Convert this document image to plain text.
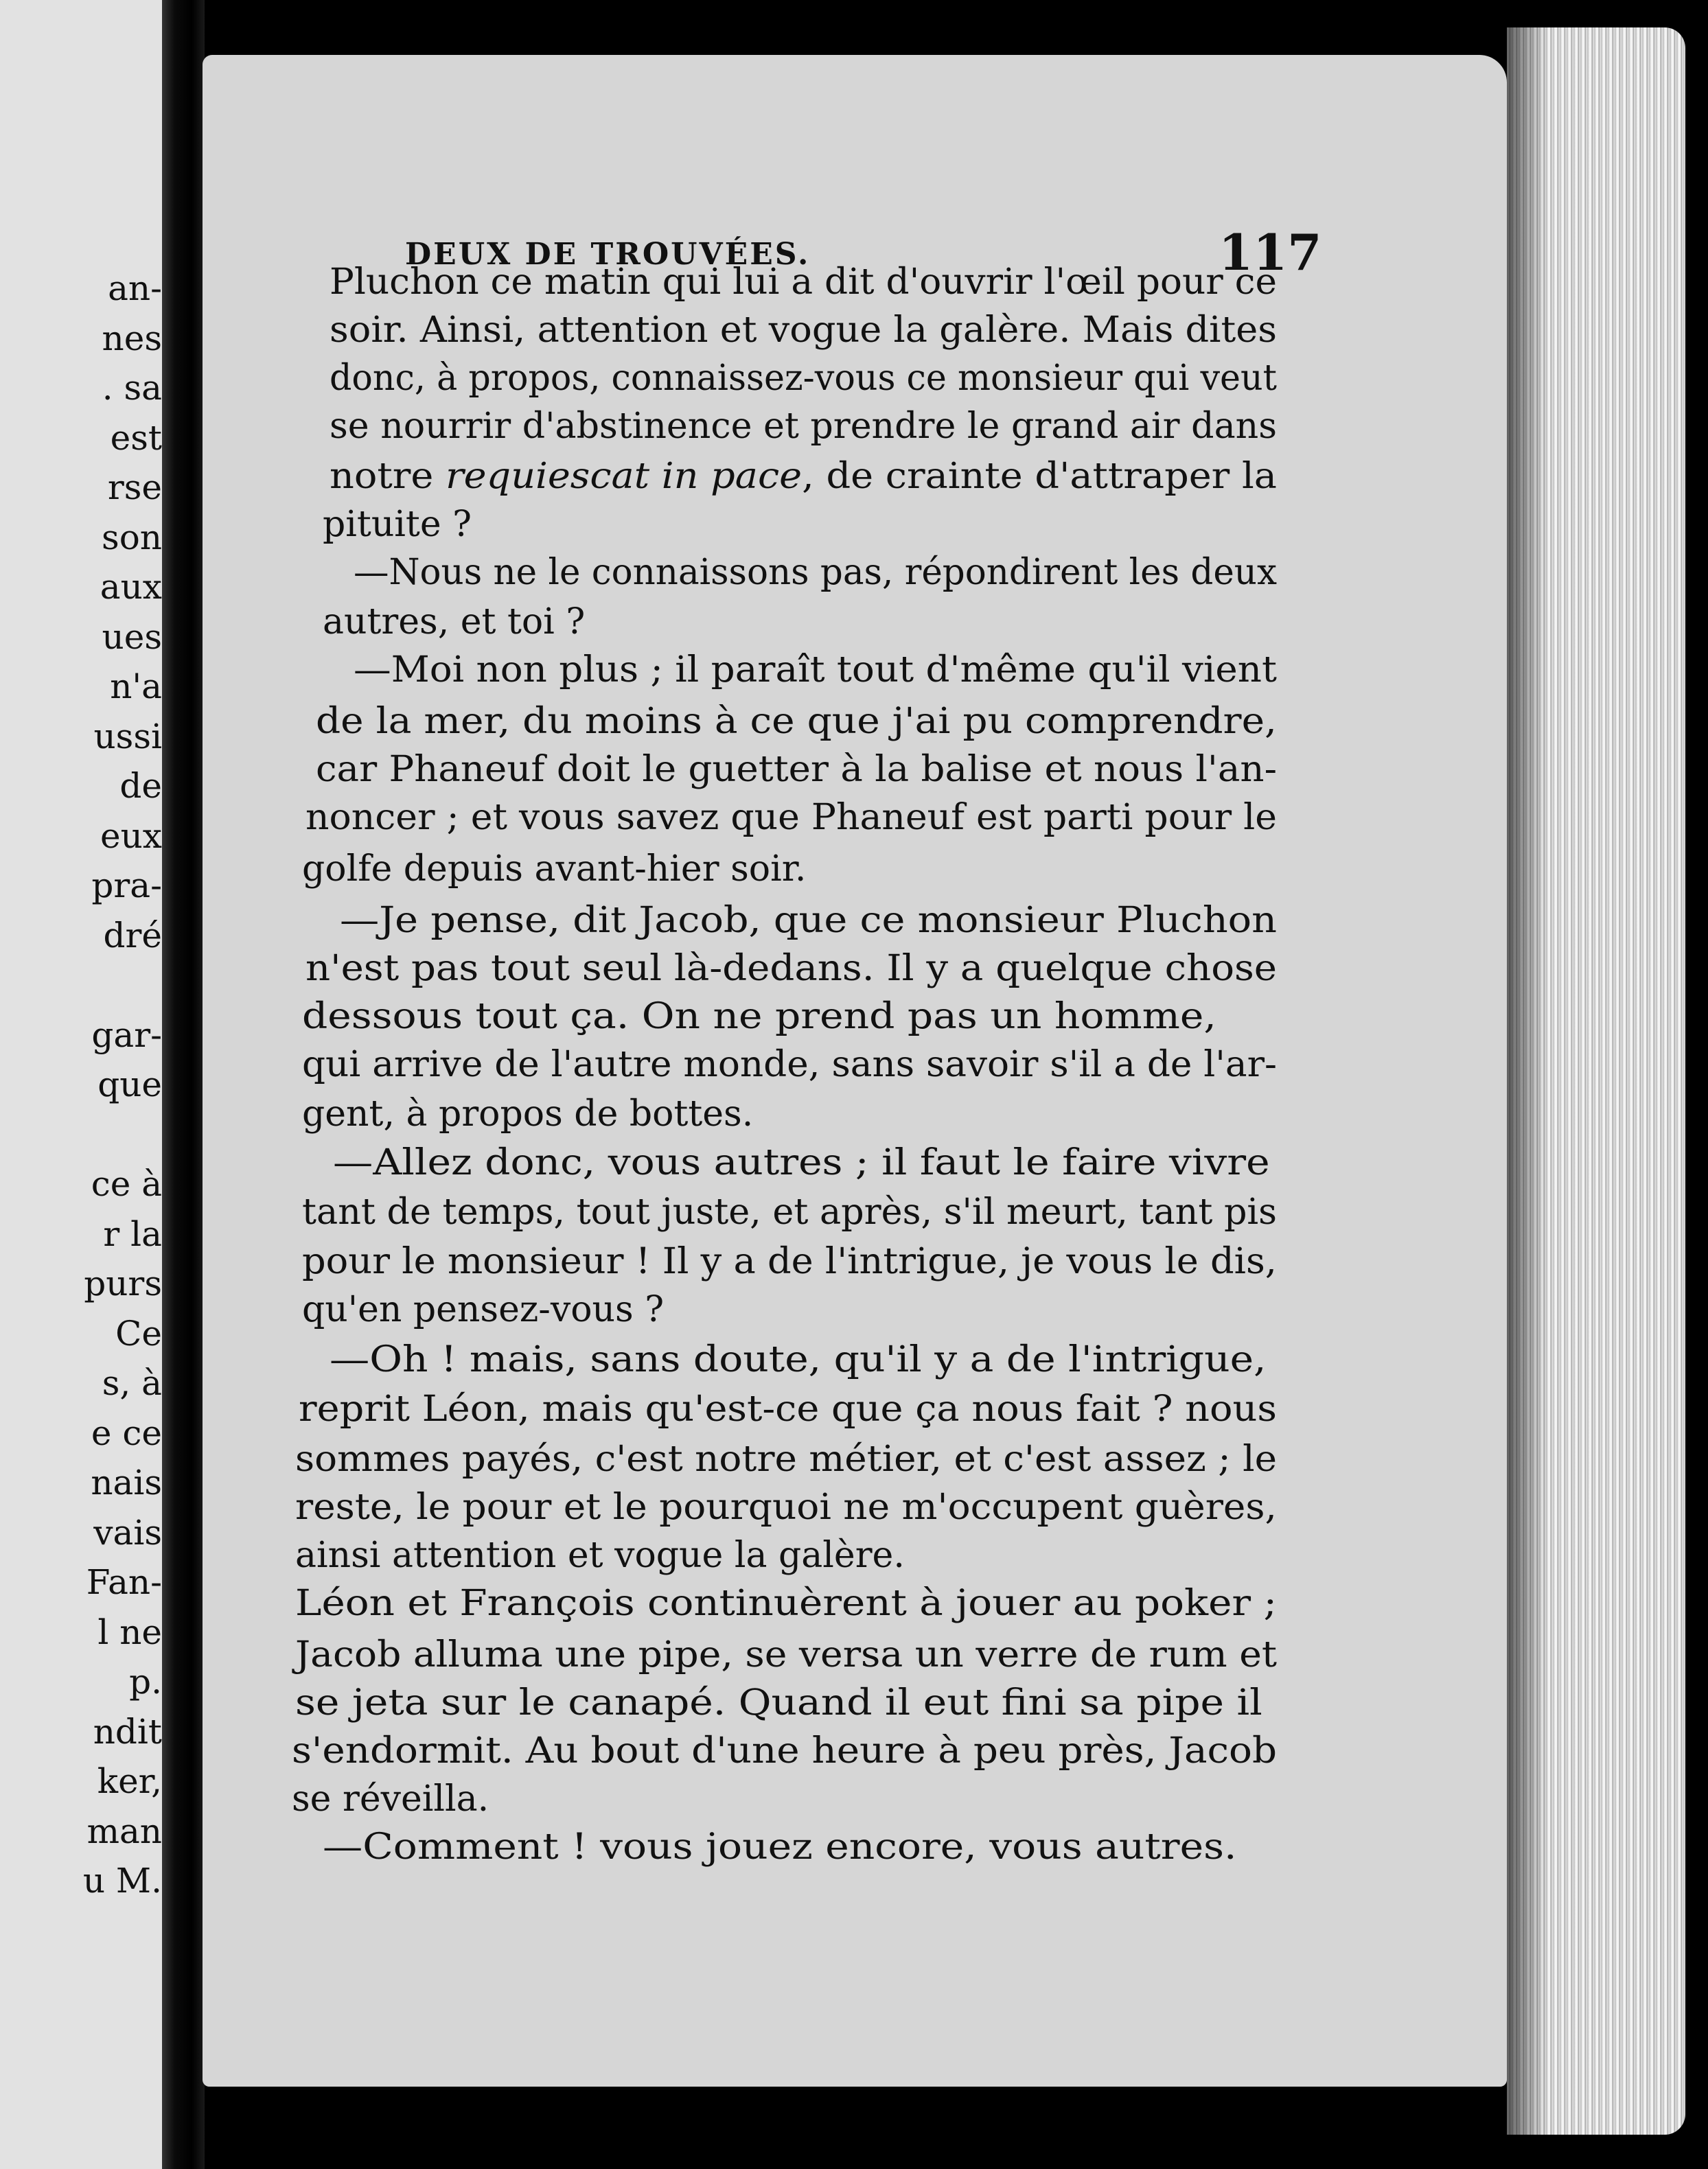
an-
nes
. sa
est
rse
son
aux
ues
n'a
ussi
de
eux
pra-
dré
gar-
que
ce à
r la
purs
Ce
s, à
e ce
nais
vais
Fan-
l ne
p.
ndit
ker,
man
u M.
DEUX DE TROUVÉES.	117
Pluchon ce matin qui lui a dit d'ouvrir l'œil pour ce
soir. Ainsi, attention et vogue la galère. Mais dites
donc, à propos, connaissez-vous ce monsieur qui veut
se nourrir d'abstinence et prendre le grand air dans
notre requiescat in pace, de crainte d'attraper la
pituite ?
—Nous ne le connaissons pas, répondirent les deux
autres, et toi ?
—Moi non plus ; il paraît tout d'même qu'il vient
de la mer, du moins à ce que j'ai pu comprendre,
car Phaneuf doit le guetter à la balise et nous l'an-
noncer ; et vous savez que Phaneuf est parti pour le
golfe depuis avant-hier soir.
—Je pense, dit Jacob, que ce monsieur Pluchon
n'est pas tout seul là-dedans. Il y a quelque chose
dessous tout ça. On ne prend pas un homme,
qui arrive de l'autre monde, sans savoir s'il a de l'ar-
gent, à propos de bottes.
—Allez donc, vous autres ; il faut le faire vivre
tant de temps, tout juste, et après, s'il meurt, tant pis
pour le monsieur ! Il y a de l'intrigue, je vous le dis,
qu'en pensez-vous ?
—Oh ! mais, sans doute, qu'il y a de l'intrigue,
reprit Léon, mais qu'est-ce que ça nous fait ? nous
sommes payés, c'est notre métier, et c'est assez ; le
reste, le pour et le pourquoi ne m'occupent guères,
ainsi attention et vogue la galère.
Léon et François continuèrent à jouer au poker ;
Jacob alluma une pipe, se versa un verre de rum et
se jeta sur le canapé. Quand il eut fini sa pipe il
s'endormit. Au bout d'une heure à peu près, Jacob
se réveilla.
—Comment ! vous jouez encore, vous autres.
